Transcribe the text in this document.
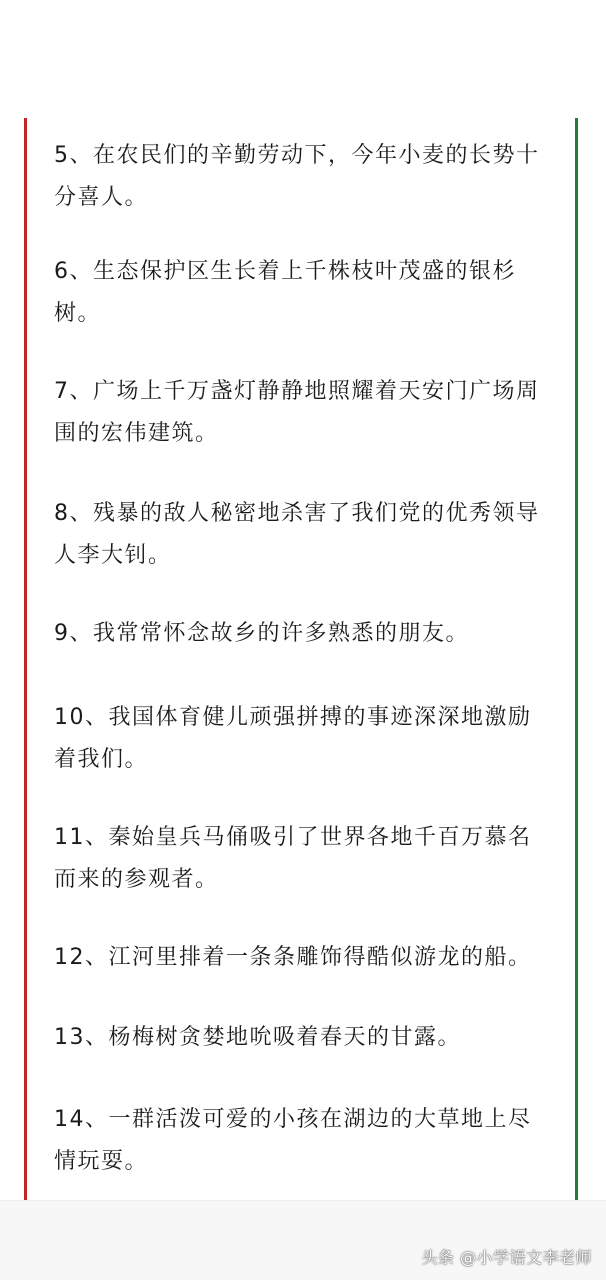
5、在农民们的辛勤劳动下，今年小麦的长势十分喜人。

6、生态保护区生长着上千株枝叶茂盛的银杉树。

7、广场上千万盏灯静静地照耀着天安门广场周围的宏伟建筑。

8、残暴的敌人秘密地杀害了我们党的优秀领导人李大钊。

9、我常常怀念故乡的许多熟悉的朋友。

10、我国体育健儿顽强拼搏的事迹深深地激励着我们。

11、秦始皇兵马俑吸引了世界各地千百万慕名而来的参观者。

12、江河里排着一条条雕饰得酷似游龙的船。

13、杨梅树贪婪地吮吸着春天的甘露。

14、一群活泼可爱的小孩在湖边的大草地上尽情玩耍。

头条 @小学语文李老师
